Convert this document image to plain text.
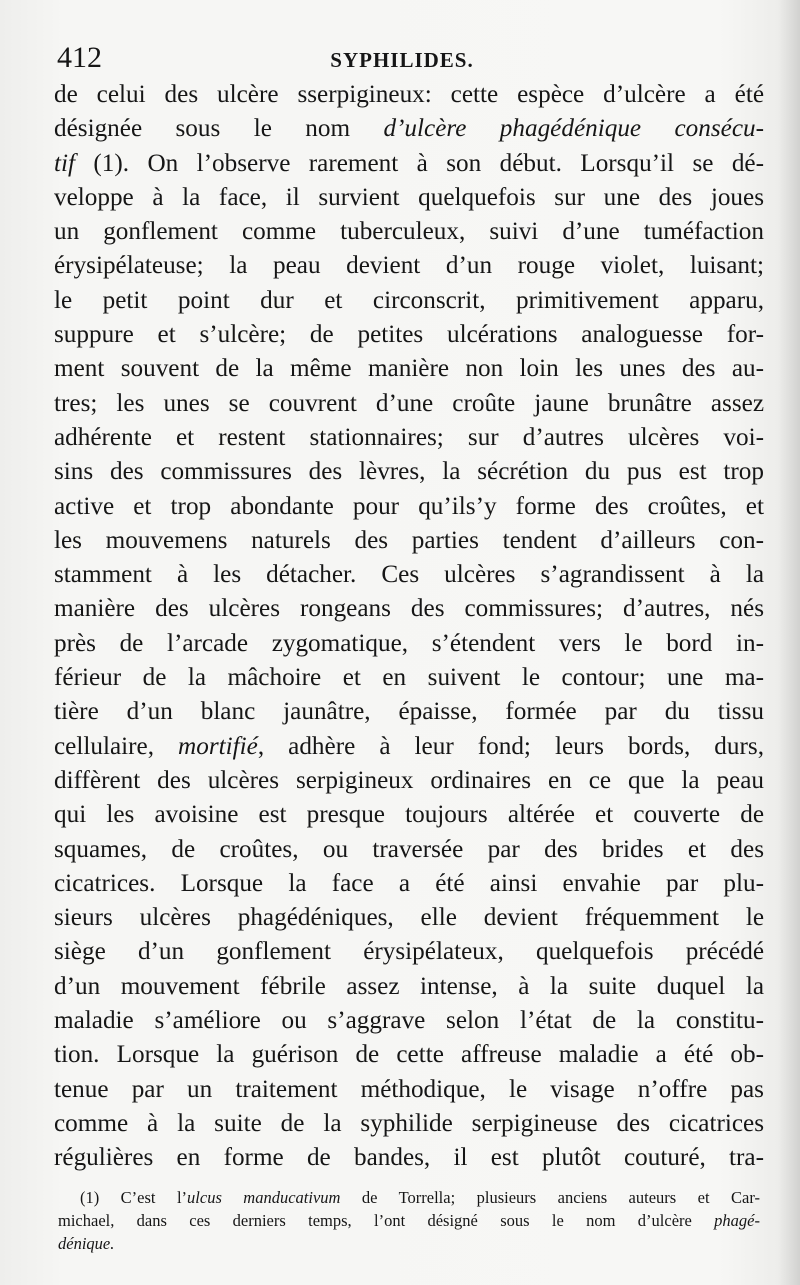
412	SYPHILIDES.
de celui des ulcère sserpigineux: cette espèce d’ulcère a été
désignée sous le nom d’ulcère phagédénique consécu-
tif (1). On l’observe rarement à son début. Lorsqu’il se dé-
veloppe à la face, il survient quelquefois sur une des joues
un gonflement comme tuberculeux, suivi d’une tuméfaction
érysipélateuse; la peau devient d’un rouge violet, luisant;
le petit point dur et circonscrit, primitivement apparu,
suppure et s’ulcère; de petites ulcérations analoguesse for-
ment souvent de la même manière non loin les unes des au-
tres; les unes se couvrent d’une croûte jaune brunâtre assez
adhérente et restent stationnaires; sur d’autres ulcères voi-
sins des commissures des lèvres, la sécrétion du pus est trop
active et trop abondante pour qu’ils’y forme des croûtes, et
les mouvemens naturels des parties tendent d’ailleurs con-
stamment à les détacher. Ces ulcères s’agrandissent à la
manière des ulcères rongeans des commissures; d’autres, nés
près de l’arcade zygomatique, s’étendent vers le bord in-
férieur de la mâchoire et en suivent le contour; une ma-
tière d’un blanc jaunâtre, épaisse, formée par du tissu
cellulaire, mortifié, adhère à leur fond; leurs bords, durs,
diffèrent des ulcères serpigineux ordinaires en ce que la peau
qui les avoisine est presque toujours altérée et couverte de
squames, de croûtes, ou traversée par des brides et des
cicatrices. Lorsque la face a été ainsi envahie par plu-
sieurs ulcères phagédéniques, elle devient fréquemment le
siège d’un gonflement érysipélateux, quelquefois précédé
d’un mouvement fébrile assez intense, à la suite duquel la
maladie s’améliore ou s’aggrave selon l’état de la constitu-
tion. Lorsque la guérison de cette affreuse maladie a été ob-
tenue par un traitement méthodique, le visage n’offre pas
comme à la suite de la syphilide serpigineuse des cicatrices
régulières en forme de bandes, il est plutôt couturé, tra-
(1) C’est l’ulcus manducativum de Torrella; plusieurs anciens auteurs et Car-
michael, dans ces derniers temps, l’ont désigné sous le nom d’ulcère phagé-
dénique.
